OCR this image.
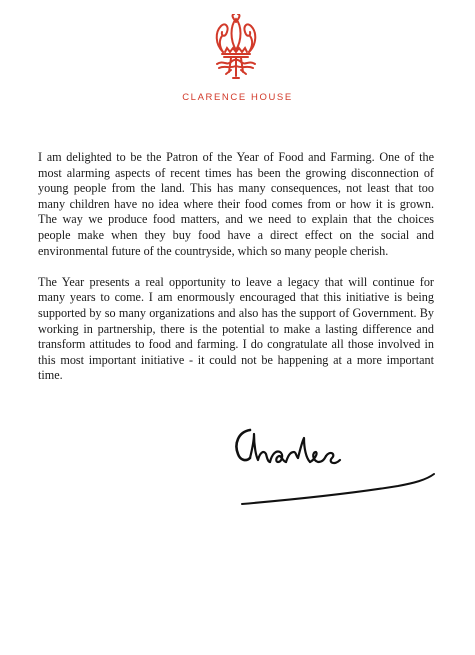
CLARENCE HOUSE

I am delighted to be the Patron of the Year of Food and Farming. One of the most alarming aspects of recent times has been the growing disconnection of young people from the land. This has many consequences, not least that too many children have no idea where their food comes from or how it is grown. The way we produce food matters, and we need to explain that the choices people make when they buy food have a direct effect on the social and environmental future of the countryside, which so many people cherish.

The Year presents a real opportunity to leave a legacy that will continue for many years to come. I am enormously encouraged that this initiative is being supported by so many organizations and also has the support of Government. By working in partnership, there is the potential to make a lasting difference and transform attitudes to food and farming. I do congratulate all those involved in this most important initiative - it could not be happening at a more important time.
